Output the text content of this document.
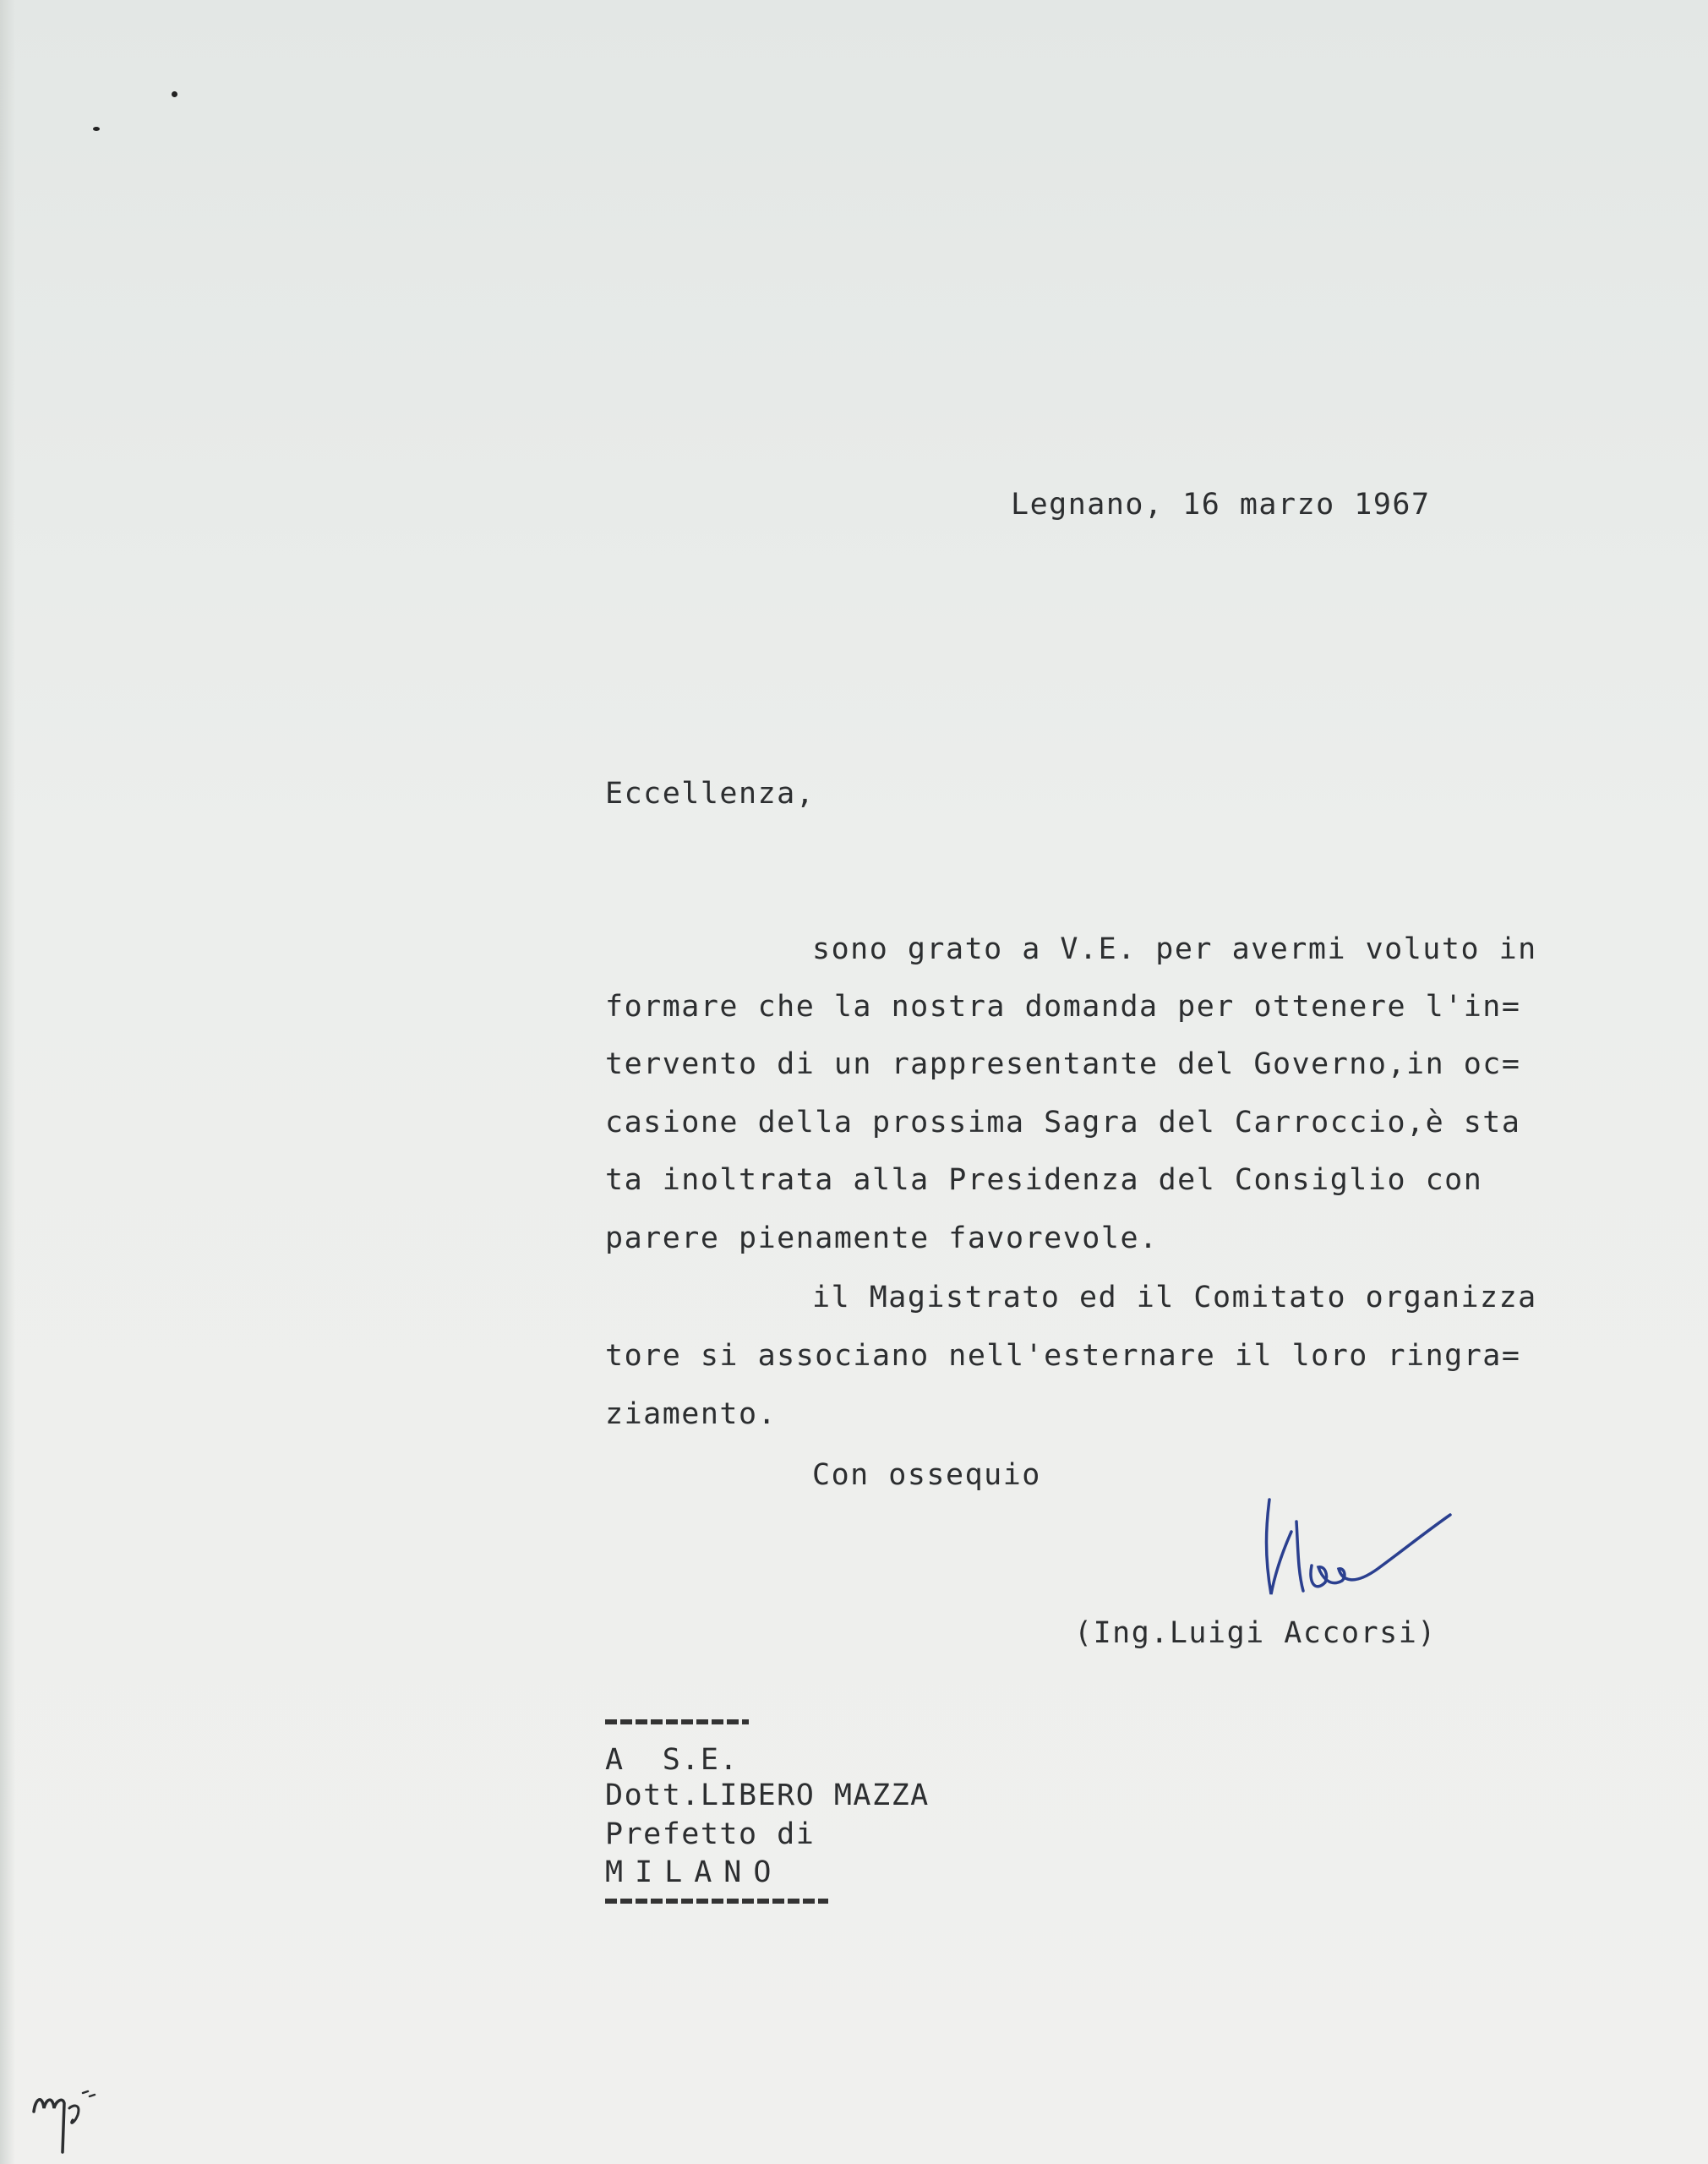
Legnano, 16 marzo 1967
Eccellenza,
sono grato a V.E. per avermi voluto in
formare che la nostra domanda per ottenere l'in=
tervento di un rappresentante del Governo,in oc=
casione della prossima Sagra del Carroccio,è sta
ta inoltrata alla Presidenza del Consiglio con
parere pienamente favorevole.
il Magistrato ed il Comitato organizza
tore si associano nell'esternare il loro ringra=
ziamento.
Con ossequio
(Ing.Luigi Accorsi)
A  S.E.
Dott.LIBERO MAZZA
Prefetto di
MILANO
